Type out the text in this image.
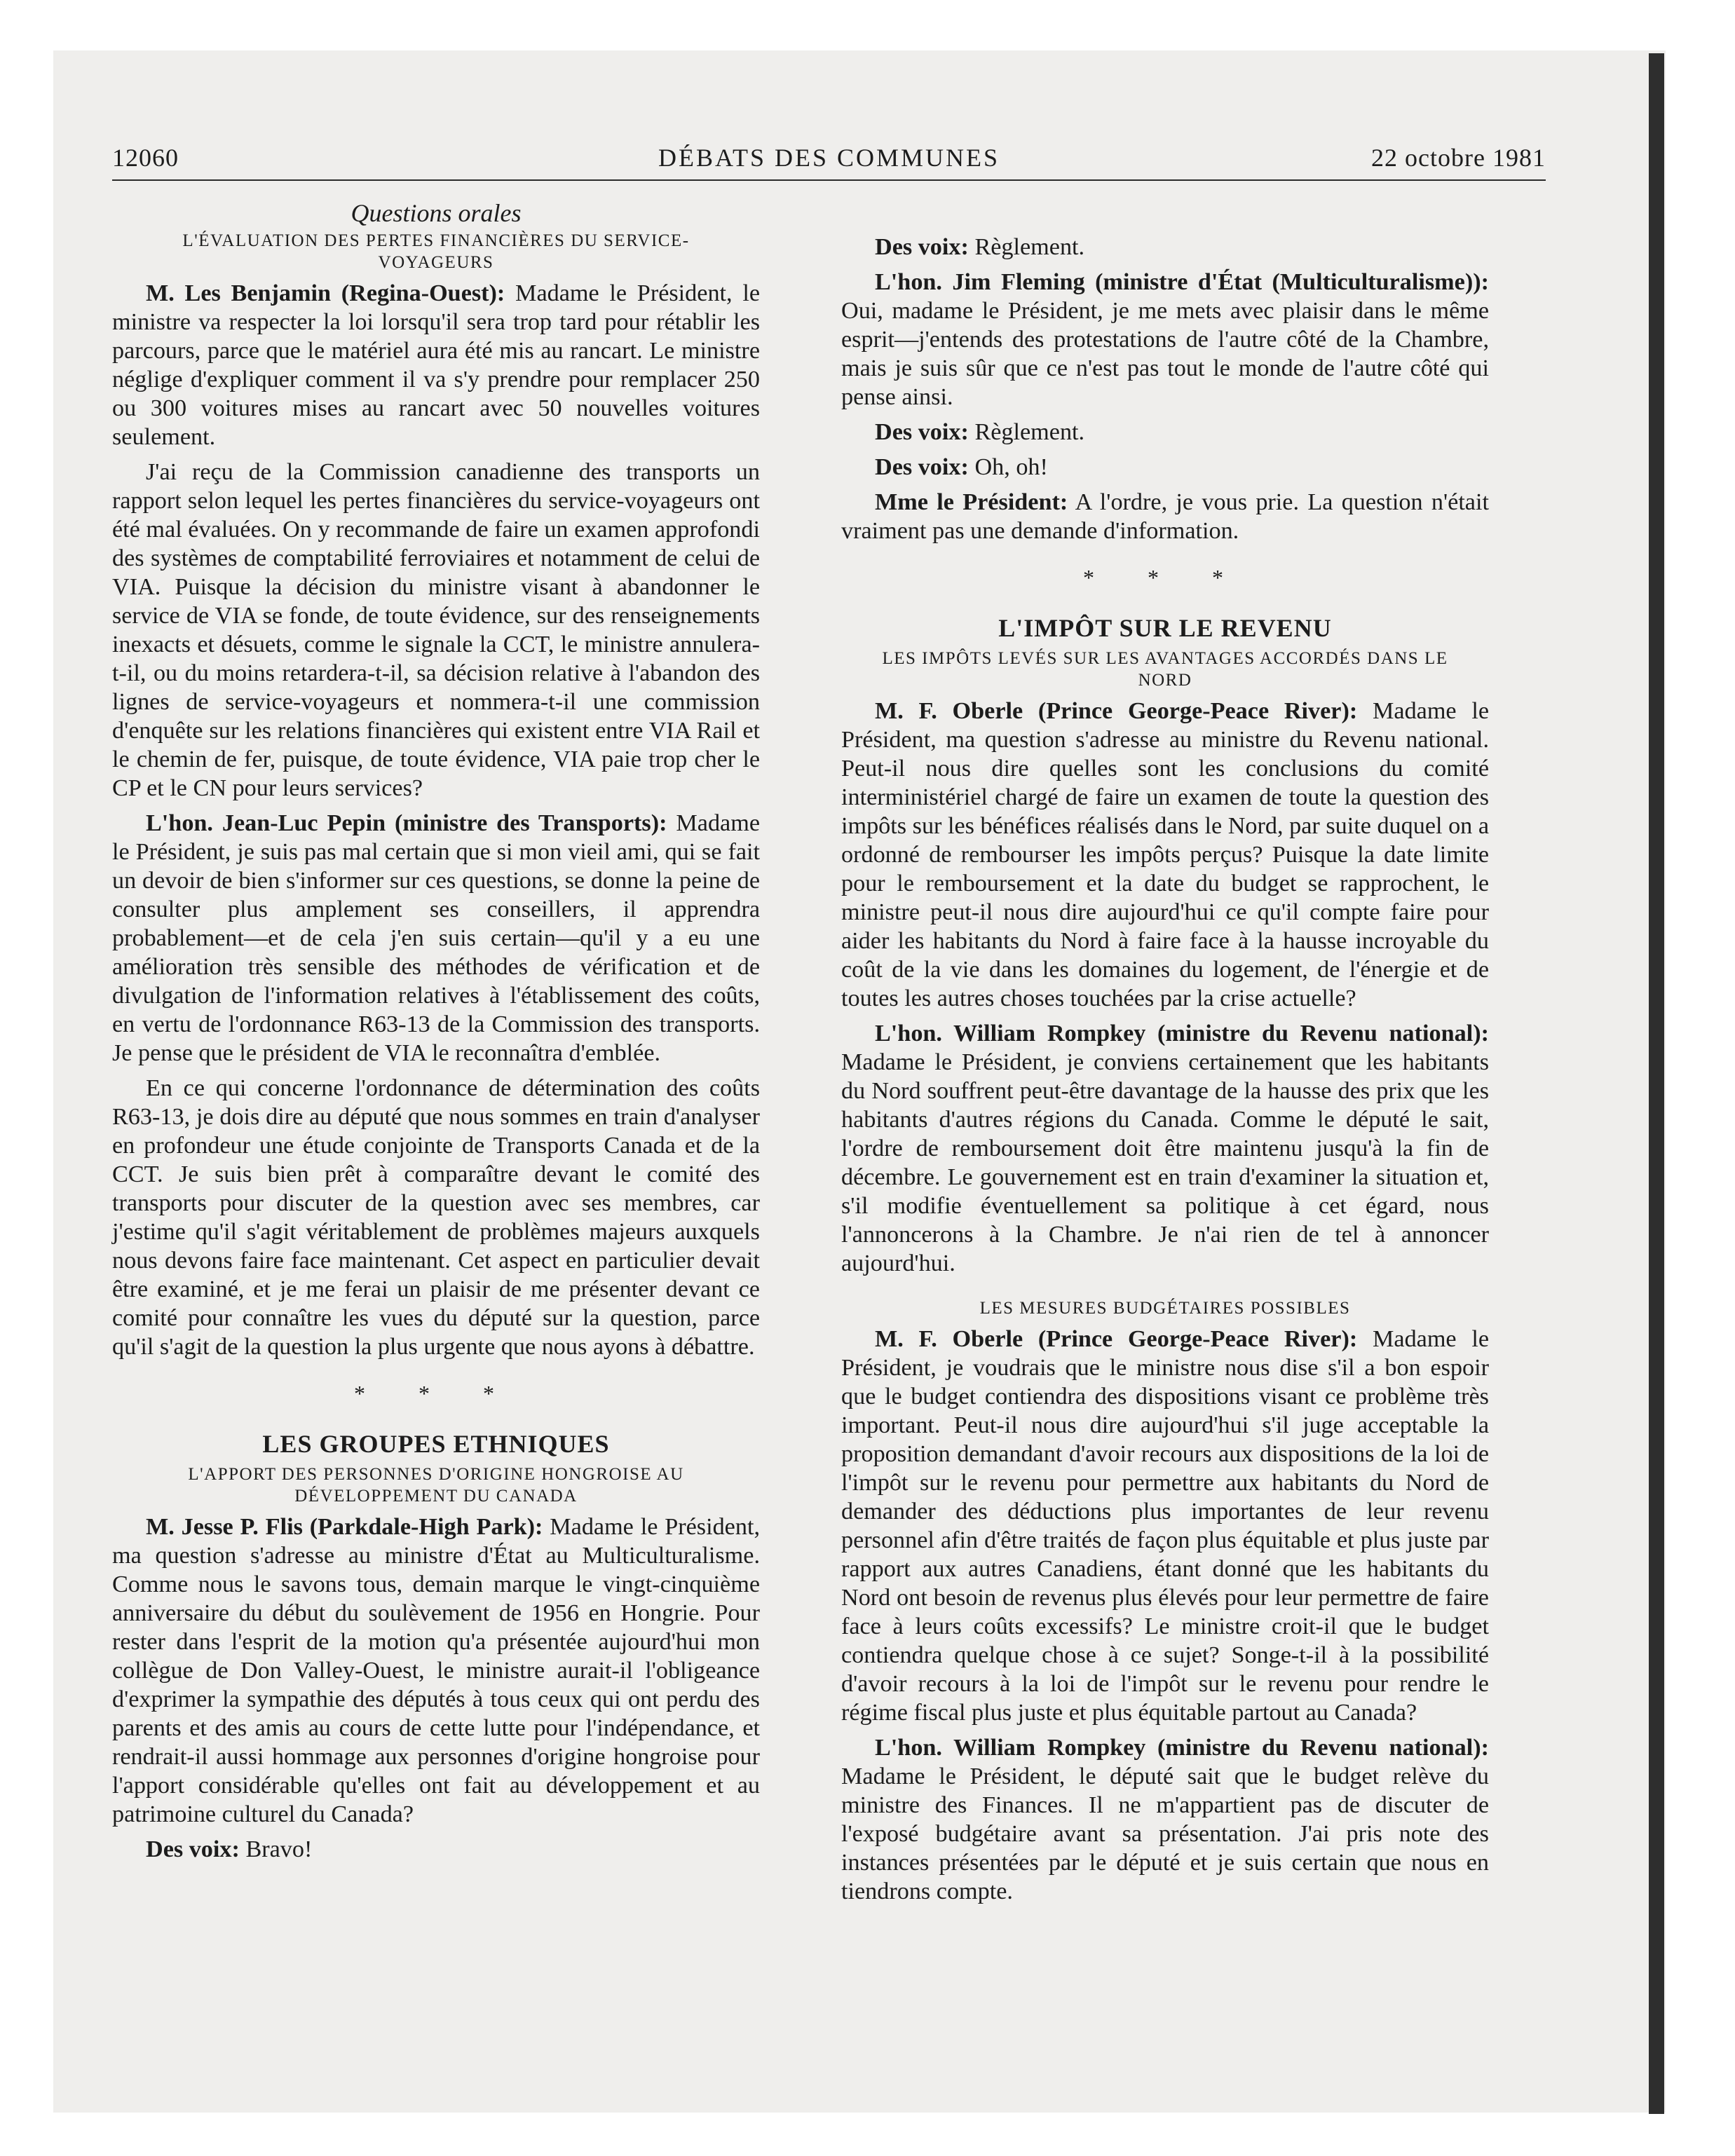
12060	DÉBATS DES COMMUNES	22 octobre 1981
Questions orales
L'ÉVALUATION DES PERTES FINANCIÈRES DU SERVICE-VOYAGEURS

M. Les Benjamin (Regina-Ouest): Madame le Président, le ministre va respecter la loi lorsqu'il sera trop tard pour rétablir les parcours, parce que le matériel aura été mis au rancart. Le ministre néglige d'expliquer comment il va s'y prendre pour remplacer 250 ou 300 voitures mises au rancart avec 50 nouvelles voitures seulement.

J'ai reçu de la Commission canadienne des transports un rapport selon lequel les pertes financières du service-voyageurs ont été mal évaluées. On y recommande de faire un examen approfondi des systèmes de comptabilité ferroviaires et notamment de celui de VIA. Puisque la décision du ministre visant à abandonner le service de VIA se fonde, de toute évidence, sur des renseignements inexacts et désuets, comme le signale la CCT, le ministre annulera-t-il, ou du moins retardera-t-il, sa décision relative à l'abandon des lignes de service-voyageurs et nommera-t-il une commission d'enquête sur les relations financières qui existent entre VIA Rail et le chemin de fer, puisque, de toute évidence, VIA paie trop cher le CP et le CN pour leurs services?

L'hon. Jean-Luc Pepin (ministre des Transports): Madame le Président, je suis pas mal certain que si mon vieil ami, qui se fait un devoir de bien s'informer sur ces questions, se donne la peine de consulter plus amplement ses conseillers, il apprendra probablement—et de cela j'en suis certain—qu'il y a eu une amélioration très sensible des méthodes de vérification et de divulgation de l'information relatives à l'établissement des coûts, en vertu de l'ordonnance R63-13 de la Commission des transports. Je pense que le président de VIA le reconnaîtra d'emblée.

En ce qui concerne l'ordonnance de détermination des coûts R63-13, je dois dire au député que nous sommes en train d'analyser en profondeur une étude conjointe de Transports Canada et de la CCT. Je suis bien prêt à comparaître devant le comité des transports pour discuter de la question avec ses membres, car j'estime qu'il s'agit véritablement de problèmes majeurs auxquels nous devons faire face maintenant. Cet aspect en particulier devait être examiné, et je me ferai un plaisir de me présenter devant ce comité pour connaître les vues du député sur la question, parce qu'il s'agit de la question la plus urgente que nous ayons à débattre.

* * *
LES GROUPES ETHNIQUES
L'APPORT DES PERSONNES D'ORIGINE HONGROISE AU DÉVELOPPEMENT DU CANADA

M. Jesse P. Flis (Parkdale-High Park): Madame le Président, ma question s'adresse au ministre d'État au Multiculturalisme. Comme nous le savons tous, demain marque le vingt-cinquième anniversaire du début du soulèvement de 1956 en Hongrie. Pour rester dans l'esprit de la motion qu'a présentée aujourd'hui mon collègue de Don Valley-Ouest, le ministre aurait-il l'obligeance d'exprimer la sympathie des députés à tous ceux qui ont perdu des parents et des amis au cours de cette lutte pour l'indépendance, et rendrait-il aussi hommage aux personnes d'origine hongroise pour l'apport considérable qu'elles ont fait au développement et au patrimoine culturel du Canada?

Des voix: Bravo!

Des voix: Règlement.

L'hon. Jim Fleming (ministre d'État (Multiculturalisme)): Oui, madame le Président, je me mets avec plaisir dans le même esprit—j'entends des protestations de l'autre côté de la Chambre, mais je suis sûr que ce n'est pas tout le monde de l'autre côté qui pense ainsi.

Des voix: Règlement.

Des voix: Oh, oh!

Mme le Président: A l'ordre, je vous prie. La question n'était vraiment pas une demande d'information.

* * *
L'IMPÔT SUR LE REVENU
LES IMPÔTS LEVÉS SUR LES AVANTAGES ACCORDÉS DANS LE NORD

M. F. Oberle (Prince George-Peace River): Madame le Président, ma question s'adresse au ministre du Revenu national. Peut-il nous dire quelles sont les conclusions du comité interministériel chargé de faire un examen de toute la question des impôts sur les bénéfices réalisés dans le Nord, par suite duquel on a ordonné de rembourser les impôts perçus? Puisque la date limite pour le remboursement et la date du budget se rapprochent, le ministre peut-il nous dire aujourd'hui ce qu'il compte faire pour aider les habitants du Nord à faire face à la hausse incroyable du coût de la vie dans les domaines du logement, de l'énergie et de toutes les autres choses touchées par la crise actuelle?

L'hon. William Rompkey (ministre du Revenu national): Madame le Président, je conviens certainement que les habitants du Nord souffrent peut-être davantage de la hausse des prix que les habitants d'autres régions du Canada. Comme le député le sait, l'ordre de remboursement doit être maintenu jusqu'à la fin de décembre. Le gouvernement est en train d'examiner la situation et, s'il modifie éventuellement sa politique à cet égard, nous l'annoncerons à la Chambre. Je n'ai rien de tel à annoncer aujourd'hui.

LES MESURES BUDGÉTAIRES POSSIBLES

M. F. Oberle (Prince George-Peace River): Madame le Président, je voudrais que le ministre nous dise s'il a bon espoir que le budget contiendra des dispositions visant ce problème très important. Peut-il nous dire aujourd'hui s'il juge acceptable la proposition demandant d'avoir recours aux dispositions de la loi de l'impôt sur le revenu pour permettre aux habitants du Nord de demander des déductions plus importantes de leur revenu personnel afin d'être traités de façon plus équitable et plus juste par rapport aux autres Canadiens, étant donné que les habitants du Nord ont besoin de revenus plus élevés pour leur permettre de faire face à leurs coûts excessifs? Le ministre croit-il que le budget contiendra quelque chose à ce sujet? Songe-t-il à la possibilité d'avoir recours à la loi de l'impôt sur le revenu pour rendre le régime fiscal plus juste et plus équitable partout au Canada?

L'hon. William Rompkey (ministre du Revenu national): Madame le Président, le député sait que le budget relève du ministre des Finances. Il ne m'appartient pas de discuter de l'exposé budgétaire avant sa présentation. J'ai pris note des instances présentées par le député et je suis certain que nous en tiendrons compte.
